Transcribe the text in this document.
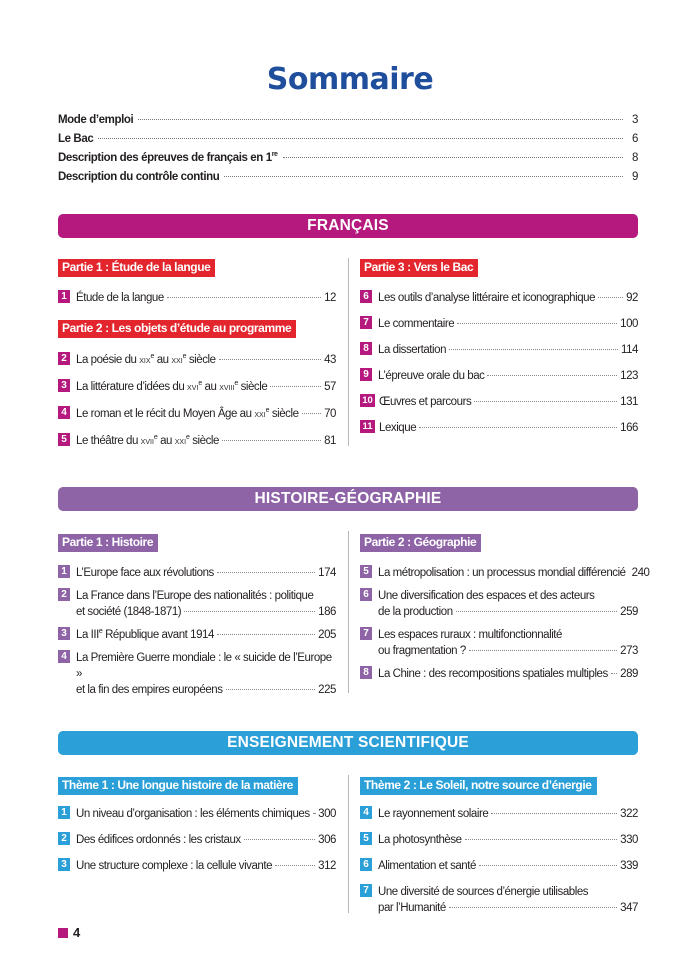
Sommaire
Mode d’emploi	3
Le Bac	6
Description des épreuves de français en 1re	8
Description du contrôle continu	9
FRANÇAIS
Partie 1 : Étude de la langue
1 Étude de la langue	12
Partie 2 : Les objets d’étude au programme
2 La poésie du xix$^e$ au xxi$^e$ siècle	43
3 La littérature d’idées du xvi$^e$ au xviii$^e$ siècle	57
4 Le roman et le récit du Moyen Âge au xxi$^e$ siècle 70
5 Le théâtre du xvii$^e$ au xxi$^e$ siècle	81
Partie 3 : Vers le Bac
6 Les outils d’analyse littéraire et iconographique	92
7 Le commentaire	100
8 La dissertation	114
9 L’épreuve orale du bac	123
10 Œuvres et parcours	131
11 Lexique	166
HISTOIRE-GÉOGRAPHIE
Partie 1 : Histoire
1 L’Europe face aux révolutions	174
2 La France dans l’Europe des nationalités : politique
et société (1848-1871)	186
3 La IIIe République avant 1914	205
4 La Première Guerre mondiale : le « suicide de l’Europe »
et la fin des empires européens	225
Partie 2 : Géographie
5 La métropolisation : un processus mondial différencié 240
6 Une diversification des espaces et des acteurs
de la production	259
7 Les espaces ruraux : multifonctionnalité
ou fragmentation ?	273
8 La Chine : des recompositions spatiales multiples 289
ENSEIGNEMENT SCIENTIFIQUE
Thème 1 : Une longue histoire de la matière
1 Un niveau d’organisation : les éléments chimiques 300
2 Des édifices ordonnés : les cristaux	306
3 Une structure complexe : la cellule vivante	312
Thème 2 : Le Soleil, notre source d’énergie
4 Le rayonnement solaire	322
5 La photosynthèse	330
6 Alimentation et santé	339
7 Une diversité de sources d’énergie utilisables
par l’Humanité	347
4
